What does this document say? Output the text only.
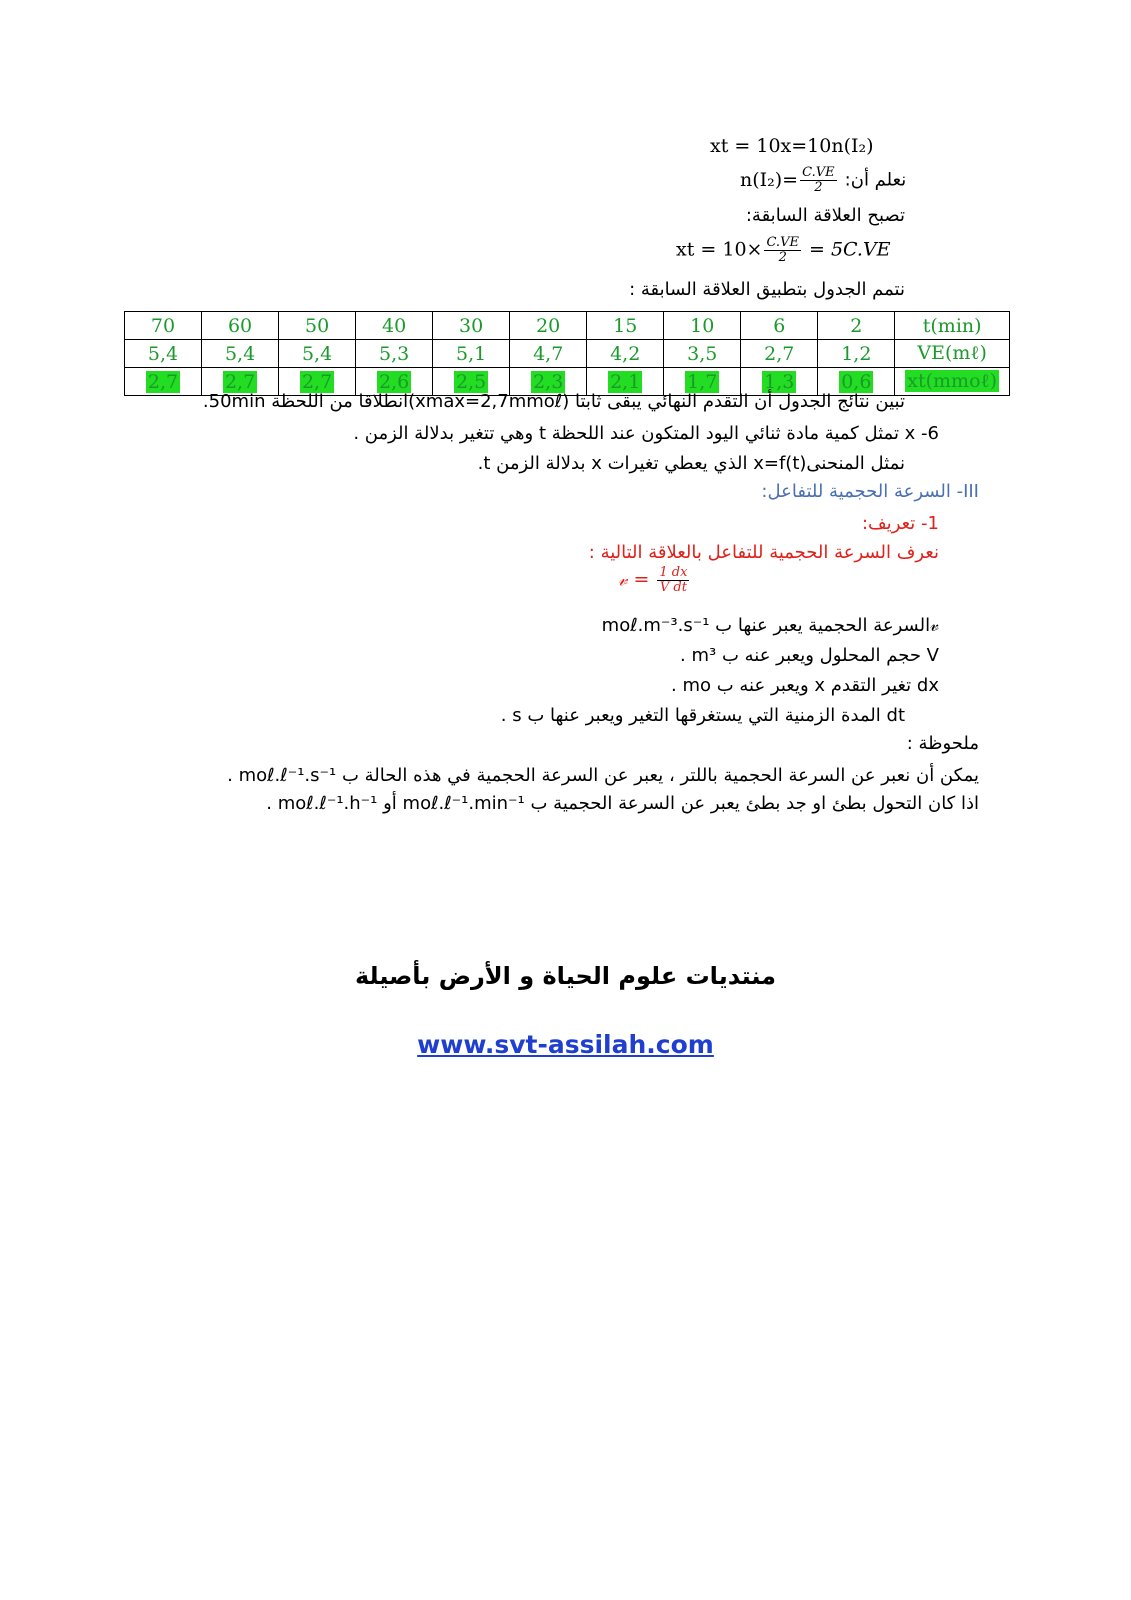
xt = 10x=10n(I₂)
نعلم أن: $n(I_2)= \frac{C.VE}{2}$
تصبح العلاقة السابقة:
xt = $10\times \frac{C.VE}{2} = 5C.VE$
نتمم الجدول بتطبيق العلاقة السابقة :
70	60	50	40	30	20	15	10	6	2	t(min)
5,4	5,4	5,4	5,3	5,1	4,7	4,2	3,5	2,7	1,2	VE(mℓ)
2,7	2,7	2,7	2,6	2,5	2,3	2,1	1,7	1,3	0,6	xt(mmoℓ)
تبين نتائج الجدول أن التقدم النهائي يبقى ثابتا (xmax=2,7mmoℓ)انطلاقا من اللحظة 50min.
6- x تمثل كمية مادة ثنائي اليود المتكون عند اللحظة t وهي تتغير بدلالة الزمن .
نمثل المنحنىx=f(t) الذي يعطي تغيرات x بدلالة الزمن t.
III- السرعة الحجمية للتفاعل:
1- تعريف:
نعرف السرعة الحجمية للتفاعل بالعلاقة التالية :
𝓋 = $\frac{1 dx}{\text{V dt}}$
𝓋السرعة الحجمية يعبر عنها ب moℓ.m⁻³.s⁻¹
V حجم المحلول ويعبر عنه ب m³ .
dx تغير التقدم x ويعبر عنه ب mo .
dt المدة الزمنية التي يستغرقها التغير ويعبر عنها ب s .
ملحوظة :
يمكن أن نعبر عن السرعة الحجمية باللتر ، يعبر عن السرعة الحجمية في هذه الحالة ب moℓ.ℓ⁻¹.s⁻¹ .
اذا كان التحول بطئ او جد بطئ يعبر عن السرعة الحجمية ب moℓ.ℓ⁻¹.min⁻¹ أو moℓ.ℓ⁻¹.h⁻¹ .
منتديات علوم الحياة و الأرض بأصيلة
www.svt-assilah.com
